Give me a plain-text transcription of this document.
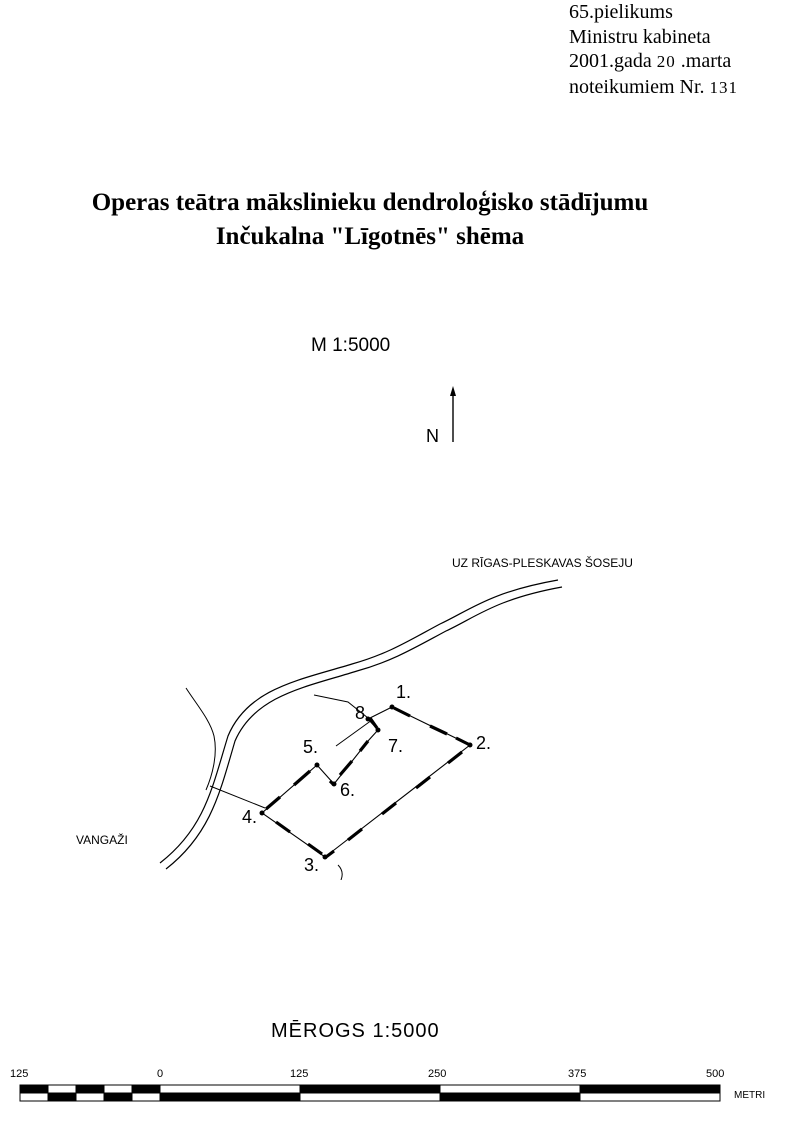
65.pielikums
Ministru kabineta
2001.gada 20 .marta
noteikumiem Nr. 131
Operas teātra mākslinieku dendroloģisko stādījumu
Inčukalna "Līgotnēs" shēma
M 1:5000
N
UZ RĪGAS-PLESKAVAS ŠOSEJU
VANGAŽI
1.
2.
3.
4.
5.
6.
7.
8.
MĒROGS 1:5000
125	0	125	250	375	500
METRI
